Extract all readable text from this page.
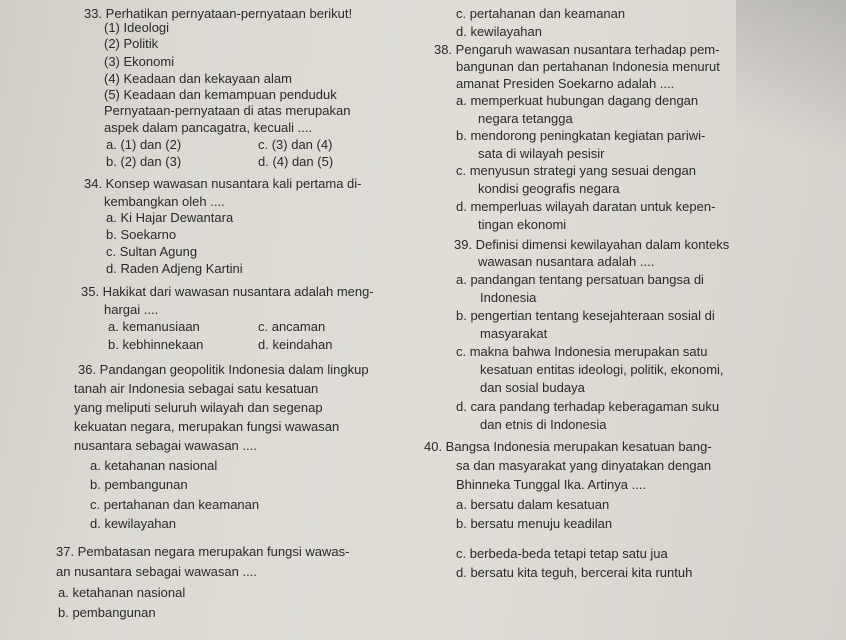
33. Perhatikan pernyataan-pernyataan berikut!
(1) Ideologi
(2) Politik
(3) Ekonomi
(4) Keadaan dan kekayaan alam
(5) Keadaan dan kemampuan penduduk
Pernyataan-pernyataan di atas merupakan
aspek dalam pancagatra, kecuali ....
a. (1) dan (2)	c. (3) dan (4)
b. (2) dan (3)	d. (4) dan (5)
34. Konsep wawasan nusantara kali pertama di-
kembangkan oleh ....
a. Ki Hajar Dewantara
b. Soekarno
c. Sultan Agung
d. Raden Adjeng Kartini
35. Hakikat dari wawasan nusantara adalah meng-
hargai ....
a. kemanusiaan	c. ancaman
b. kebhinnekaan	d. keindahan
36. Pandangan geopolitik Indonesia dalam lingkup
tanah air Indonesia sebagai satu kesatuan
yang meliputi seluruh wilayah dan segenap
kekuatan negara, merupakan fungsi wawasan
nusantara sebagai wawasan ....
a. ketahanan nasional
b. pembangunan
c. pertahanan dan keamanan
d. kewilayahan
37. Pembatasan negara merupakan fungsi wawas-
an nusantara sebagai wawasan ....
a. ketahanan nasional
b. pembangunan
c. pertahanan dan keamanan
d. kewilayahan
38. Pengaruh wawasan nusantara terhadap pem-
bangunan dan pertahanan Indonesia menurut
amanat Presiden Soekarno adalah ....
a. memperkuat hubungan dagang dengan
negara tetangga
b. mendorong peningkatan kegiatan pariwi-
sata di wilayah pesisir
c. menyusun strategi yang sesuai dengan
kondisi geografis negara
d. memperluas wilayah daratan untuk kepen-
tingan ekonomi
39. Definisi dimensi kewilayahan dalam konteks
wawasan nusantara adalah ....
a. pandangan tentang persatuan bangsa di
Indonesia
b. pengertian tentang kesejahteraan sosial di
masyarakat
c. makna bahwa Indonesia merupakan satu
kesatuan entitas ideologi, politik, ekonomi,
dan sosial budaya
d. cara pandang terhadap keberagaman suku
dan etnis di Indonesia
40. Bangsa Indonesia merupakan kesatuan bang-
sa dan masyarakat yang dinyatakan dengan
Bhinneka Tunggal Ika. Artinya ....
a. bersatu dalam kesatuan
b. bersatu menuju keadilan
c. berbeda-beda tetapi tetap satu jua
d. bersatu kita teguh, bercerai kita runtuh
